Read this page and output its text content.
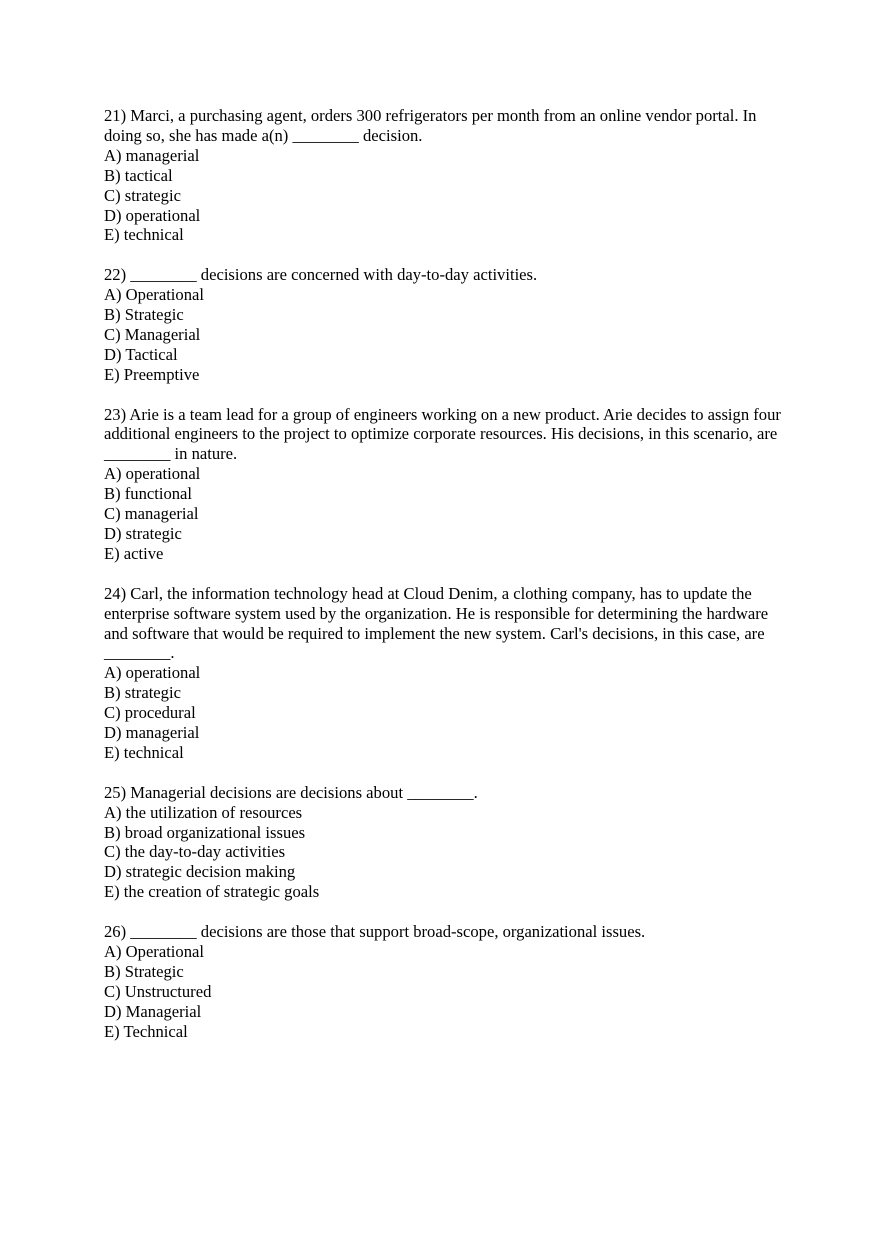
21) Marci, a purchasing agent, orders 300 refrigerators per month from an online vendor portal. In doing so, she has made a(n) ________ decision.

A) managerial

B) tactical

C) strategic

D) operational

E) technical

22) ________ decisions are concerned with day-to-day activities.

A) Operational

B) Strategic

C) Managerial

D) Tactical

E) Preemptive

23) Arie is a team lead for a group of engineers working on a new product. Arie decides to assign four additional engineers to the project to optimize corporate resources. His decisions, in this scenario, are ________ in nature.

A) operational

B) functional

C) managerial

D) strategic

E) active

24) Carl, the information technology head at Cloud Denim, a clothing company, has to update the enterprise software system used by the organization. He is responsible for determining the hardware and software that would be required to implement the new system. Carl's decisions, in this case, are ________.

A) operational

B) strategic

C) procedural

D) managerial

E) technical

25) Managerial decisions are decisions about ________.

A) the utilization of resources

B) broad organizational issues

C) the day-to-day activities

D) strategic decision making

E) the creation of strategic goals

26) ________ decisions are those that support broad-scope, organizational issues.

A) Operational

B) Strategic

C) Unstructured

D) Managerial

E) Technical
